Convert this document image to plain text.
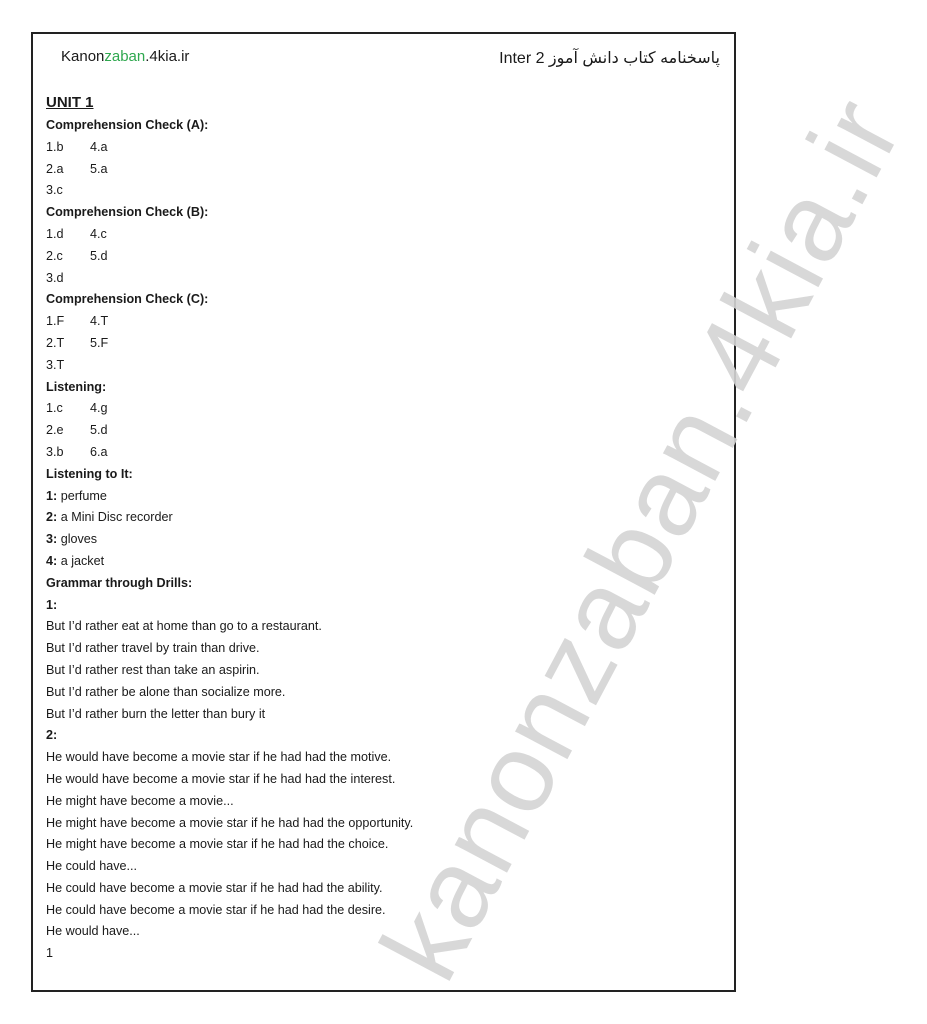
kanonzaban.4kia.ir
Kanonzaban.4kia.ir	پاسخنامه کتاب دانش آموز Inter 2
UNIT 1
Comprehension Check (A):
1.b	4.a
2.a	5.a
3.c
Comprehension Check (B):
1.d	4.c
2.c	5.d
3.d
Comprehension Check (C):
1.F	4.T
2.T	5.F
3.T
Listening:
1.c	4.g
2.e	5.d
3.b	6.a
Listening to It:
1: perfume
2: a Mini Disc recorder
3: gloves
4: a jacket
Grammar through Drills:
1:
But I’d rather eat at home than go to a restaurant.
But I’d rather travel by train than drive.
But I’d rather rest than take an aspirin.
But I’d rather be alone than socialize more.
But I’d rather burn the letter than bury it
2:
He would have become a movie star if he had had the motive.
He would have become a movie star if he had had the interest.
He might have become a movie...
He might have become a movie star if he had had the opportunity.
He might have become a movie star if he had had the choice.
He could have...
He could have become a movie star if he had had the ability.
He could have become a movie star if he had had the desire.
He would have...
1
